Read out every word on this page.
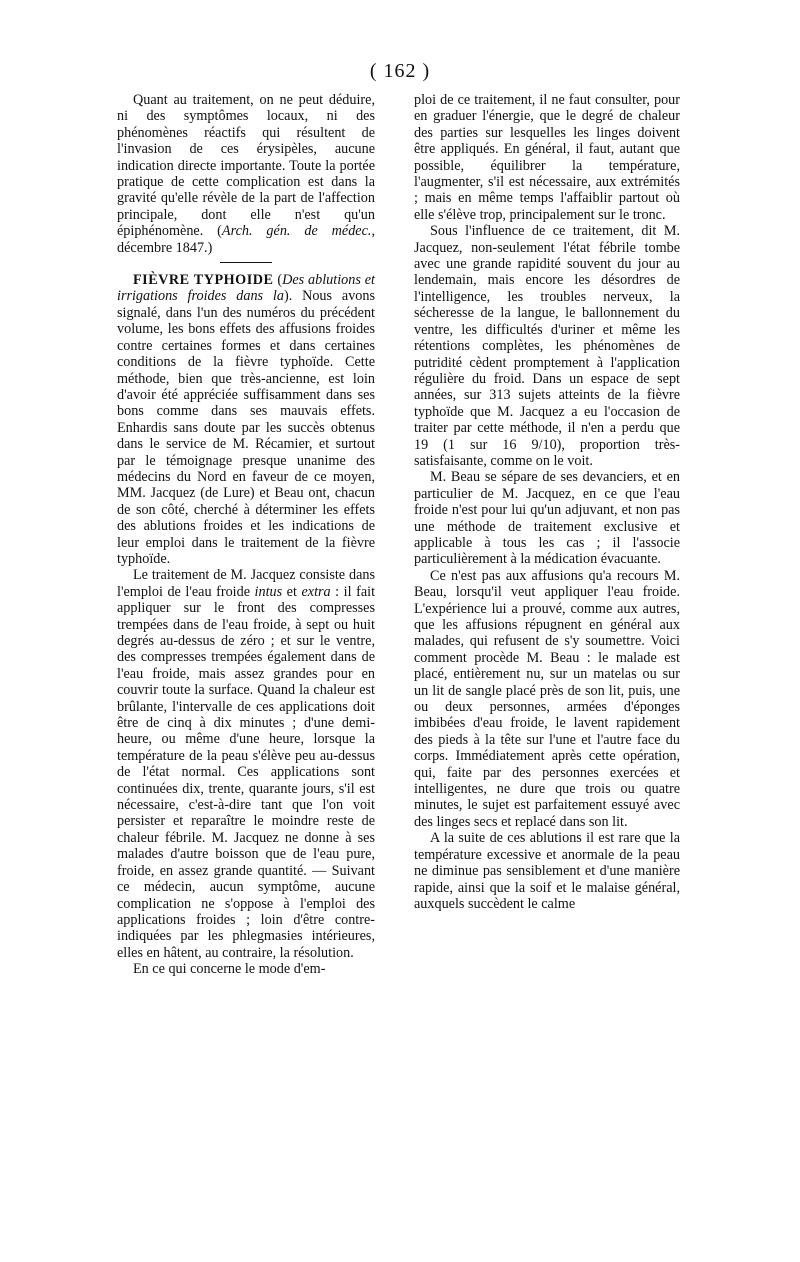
( 162 )

Quant au traitement, on ne peut déduire, ni des symptômes locaux, ni des phénomènes réactifs qui résultent de l'invasion de ces érysipèles, aucune indication directe importante. Toute la portée pratique de cette complication est dans la gravité qu'elle révèle de la part de l'affection principale, dont elle n'est qu'un épiphénomène. (Arch. gén. de médec., décembre 1847.)

FIÈVRE TYPHOIDE (Des ablutions et irrigations froides dans la). Nous avons signalé, dans l'un des numéros du précédent volume, les bons effets des affusions froides contre certaines formes et dans certaines conditions de la fièvre typhoïde. Cette méthode, bien que très-ancienne, est loin d'avoir été appréciée suffisamment dans ses bons comme dans ses mauvais effets. Enhardis sans doute par les succès obtenus dans le service de M. Récamier, et surtout par le témoignage presque unanime des médecins du Nord en faveur de ce moyen, MM. Jacquez (de Lure) et Beau ont, chacun de son côté, cherché à déterminer les effets des ablutions froides et les indications de leur emploi dans le traitement de la fièvre typhoïde.

Le traitement de M. Jacquez consiste dans l'emploi de l'eau froide intus et extra : il fait appliquer sur le front des compresses trempées dans de l'eau froide, à sept ou huit degrés au-dessus de zéro ; et sur le ventre, des compresses trempées également dans de l'eau froide, mais assez grandes pour en couvrir toute la surface. Quand la chaleur est brûlante, l'intervalle de ces applications doit être de cinq à dix minutes ; d'une demi-heure, ou même d'une heure, lorsque la température de la peau s'élève peu au-dessus de l'état normal. Ces applications sont continuées dix, trente, quarante jours, s'il est nécessaire, c'est-à-dire tant que l'on voit persister et reparaître le moindre reste de chaleur fébrile. M. Jacquez ne donne à ses malades d'autre boisson que de l'eau pure, froide, en assez grande quantité. — Suivant ce médecin, aucun symptôme, aucune complication ne s'oppose à l'emploi des applications froides ; loin d'être contre-indiquées par les phlegmasies intérieures, elles en hâtent, au contraire, la résolution.

En ce qui concerne le mode d'em-

ploi de ce traitement, il ne faut consulter, pour en graduer l'énergie, que le degré de chaleur des parties sur lesquelles les linges doivent être appliqués. En général, il faut, autant que possible, équilibrer la température, l'augmenter, s'il est nécessaire, aux extrémités ; mais en même temps l'affaiblir partout où elle s'élève trop, principalement sur le tronc.

Sous l'influence de ce traitement, dit M. Jacquez, non-seulement l'état fébrile tombe avec une grande rapidité souvent du jour au lendemain, mais encore les désordres de l'intelligence, les troubles nerveux, la sécheresse de la langue, le ballonnement du ventre, les difficultés d'uriner et même les rétentions complètes, les phénomènes de putridité cèdent promptement à l'application régulière du froid. Dans un espace de sept années, sur 313 sujets atteints de la fièvre typhoïde que M. Jacquez a eu l'occasion de traiter par cette méthode, il n'en a perdu que 19 (1 sur 16 9/10), proportion très-satisfaisante, comme on le voit.

M. Beau se sépare de ses devanciers, et en particulier de M. Jacquez, en ce que l'eau froide n'est pour lui qu'un adjuvant, et non pas une méthode de traitement exclusive et applicable à tous les cas ; il l'associe particulièrement à la médication évacuante.

Ce n'est pas aux affusions qu'a recours M. Beau, lorsqu'il veut appliquer l'eau froide. L'expérience lui a prouvé, comme aux autres, que les affusions répugnent en général aux malades, qui refusent de s'y soumettre. Voici comment procède M. Beau : le malade est placé, entièrement nu, sur un matelas ou sur un lit de sangle placé près de son lit, puis, une ou deux personnes, armées d'éponges imbibées d'eau froide, le lavent rapidement des pieds à la tête sur l'une et l'autre face du corps. Immédiatement après cette opération, qui, faite par des personnes exercées et intelligentes, ne dure que trois ou quatre minutes, le sujet est parfaitement essuyé avec des linges secs et replacé dans son lit.

A la suite de ces ablutions il est rare que la température excessive et anormale de la peau ne diminue pas sensiblement et d'une manière rapide, ainsi que la soif et le malaise général, auxquels succèdent le calme
